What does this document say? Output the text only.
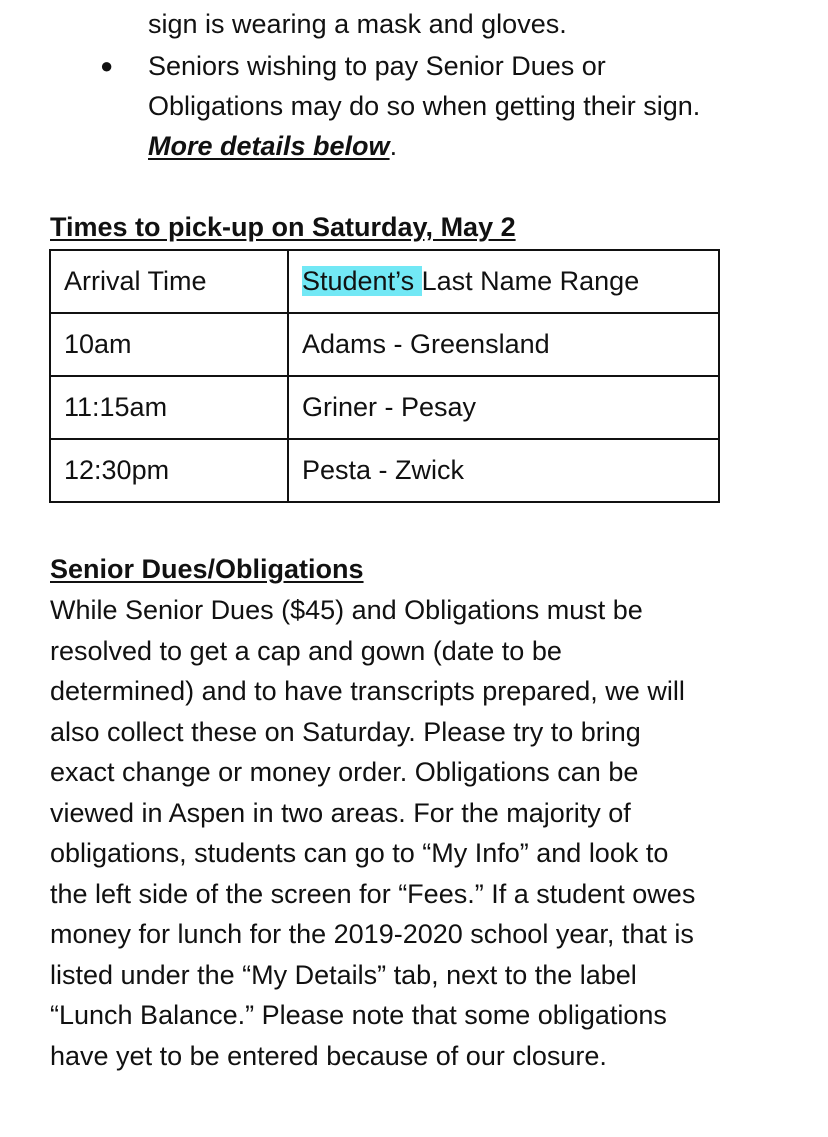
sign is wearing a mask and gloves.
● Seniors wishing to pay Senior Dues or
Obligations may do so when getting their sign.
More details below.
Times to pick-up on Saturday, May 2
Arrival Time	Student’s Last Name Range
10am	Adams - Greensland
11:15am	Griner - Pesay
12:30pm	Pesta - Zwick
Senior Dues/Obligations
While Senior Dues ($45) and Obligations must be
resolved to get a cap and gown (date to be
determined) and to have transcripts prepared, we will
also collect these on Saturday. Please try to bring
exact change or money order. Obligations can be
viewed in Aspen in two areas. For the majority of
obligations, students can go to “My Info” and look to
the left side of the screen for “Fees.” If a student owes
money for lunch for the 2019-2020 school year, that is
listed under the “My Details” tab, next to the label
“Lunch Balance.” Please note that some obligations
have yet to be entered because of our closure.
